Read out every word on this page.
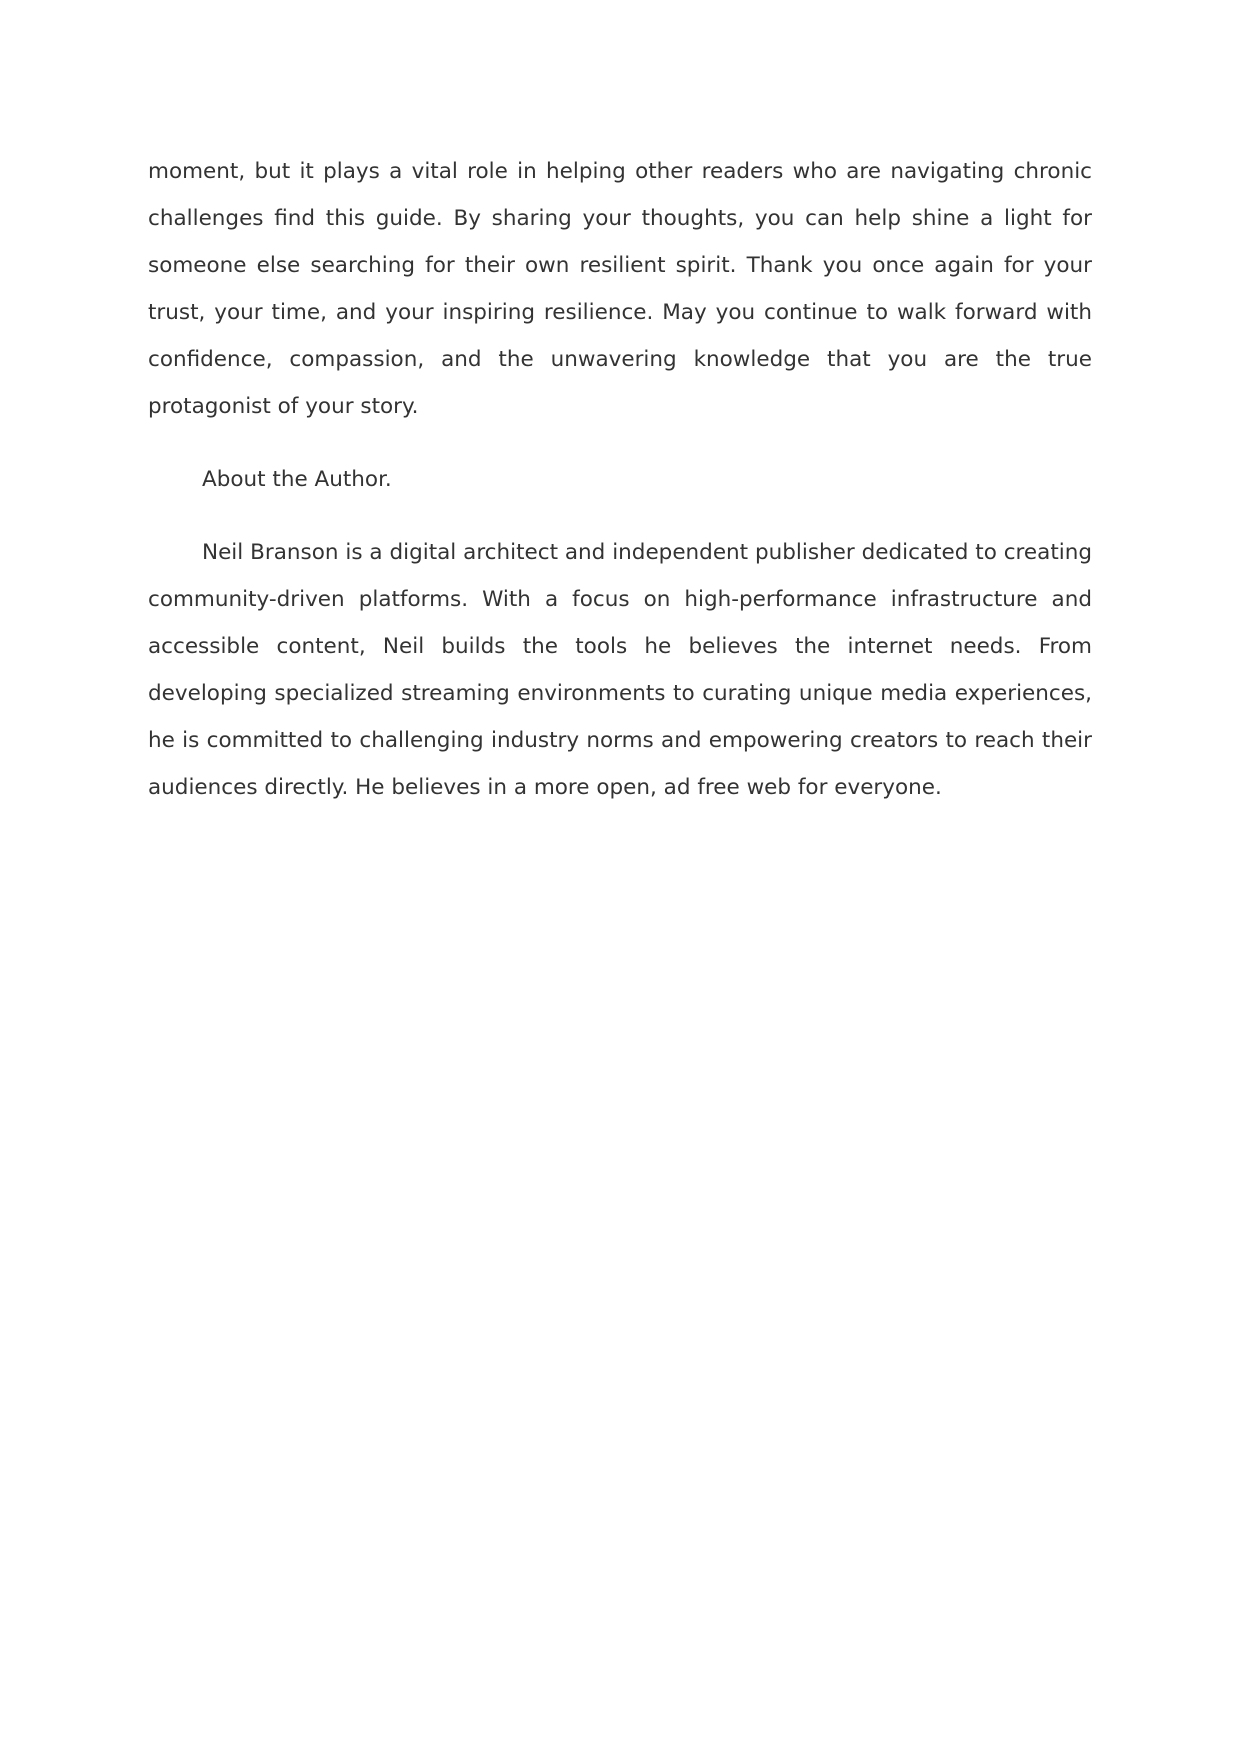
moment, but it plays a vital role in helping other readers who are navigating chronic challenges find this guide. By sharing your thoughts, you can help shine a light for someone else searching for their own resilient spirit. Thank you once again for your trust, your time, and your inspiring resilience. May you continue to walk forward with confidence, compassion, and the unwavering knowledge that you are the true protagonist of your story.

About the Author.

Neil Branson is a digital architect and independent publisher dedicated to creating community-driven platforms. With a focus on high-performance infrastructure and accessible content, Neil builds the tools he believes the internet needs. From developing specialized streaming environments to curating unique media experiences, he is committed to challenging industry norms and empowering creators to reach their audiences directly. He believes in a more open, ad free web for everyone.
